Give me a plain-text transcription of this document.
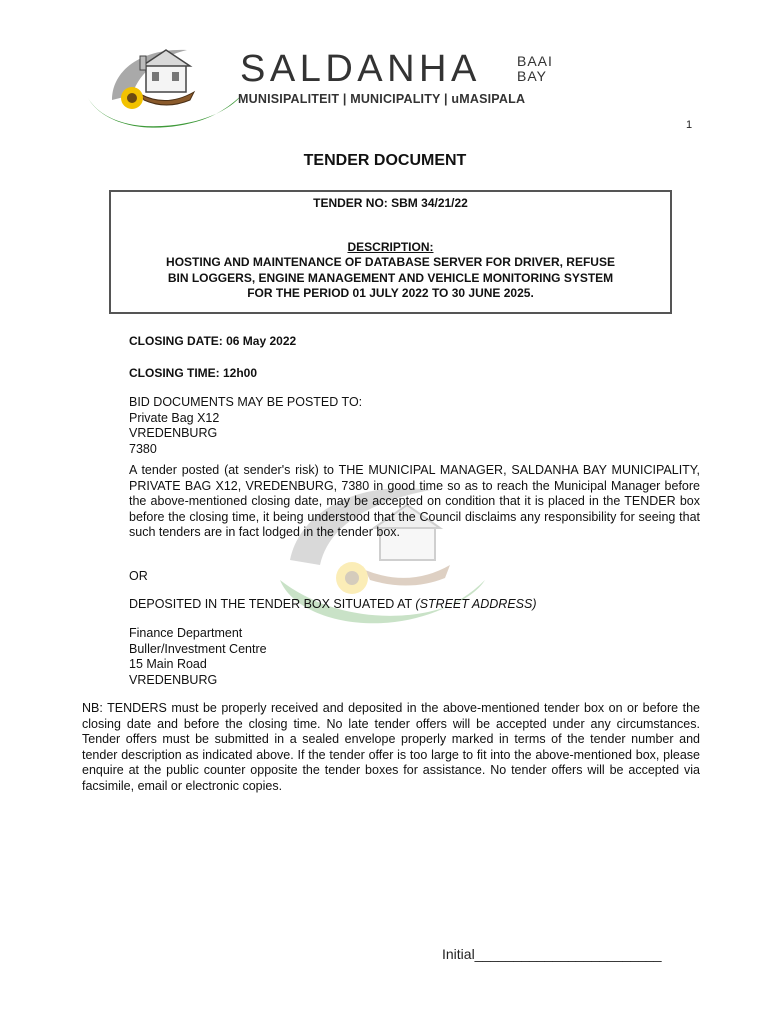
SALDANHA	BAAI
BAY
MUNISIPALITEIT | MUNICIPALITY | uMASIPALA
1
TENDER DOCUMENT
TENDER NO: SBM 34/21/22
DESCRIPTION:
HOSTING AND MAINTENANCE OF DATABASE SERVER FOR DRIVER, REFUSE
BIN LOGGERS, ENGINE MANAGEMENT AND VEHICLE MONITORING SYSTEM
FOR THE PERIOD 01 JULY 2022 TO 30 JUNE 2025.
CLOSING DATE: 06 May 2022
CLOSING TIME: 12h00
BID DOCUMENTS MAY BE POSTED TO:
Private Bag X12
VREDENBURG
7380
A tender posted (at sender's risk) to THE MUNICIPAL MANAGER, SALDANHA BAY MUNICIPALITY, PRIVATE BAG X12, VREDENBURG, 7380 in good time so as to reach the Municipal Manager before the above-mentioned closing date, may be accepted on condition that it is placed in the TENDER box before the closing time, it being understood that the Council disclaims any responsibility for seeing that such tenders are in fact lodged in the tender box.
OR
DEPOSITED IN THE TENDER BOX SITUATED AT (STREET ADDRESS)
Finance Department
Buller/Investment Centre
15 Main Road
VREDENBURG
NB: TENDERS must be properly received and deposited in the above-mentioned tender box on or before the closing date and before the closing time. No late tender offers will be accepted under any circumstances. Tender offers must be submitted in a sealed envelope properly marked in terms of the tender number and tender description as indicated above. If the tender offer is too large to fit into the above-mentioned box, please enquire at the public counter opposite the tender boxes for assistance. No tender offers will be accepted via facsimile, email or electronic copies.
Initial________________________
